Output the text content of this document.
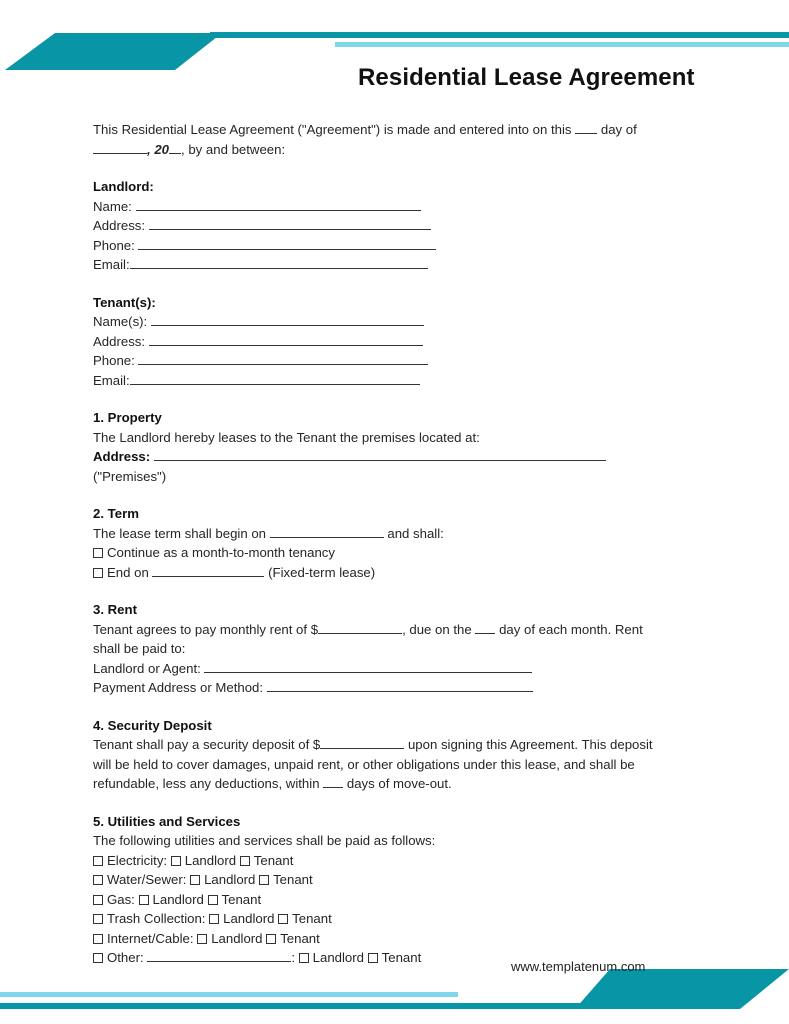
Residential Lease Agreement

This Residential Lease Agreement ("Agreement") is made and entered into on this day of

, 20 , by and between:

Landlord:

Name:

Address:

Phone:

Email:

Tenant(s):

Name(s):

Address:

Phone:

Email:

1. Property

The Landlord hereby leases to the Tenant the premises located at:

Address:

("Premises")

2. Term

The lease term shall begin on	and shall:

Continue as a month-to-month tenancy

End on	(Fixed-term lease)

3. Rent

Tenant agrees to pay monthly rent of $	, due on the day of each month. Rent

shall be paid to:

Landlord or Agent:

Payment Address or Method:

4. Security Deposit

Tenant shall pay a security deposit of $	upon signing this Agreement. This deposit

will be held to cover damages, unpaid rent, or other obligations under this lease, and shall be

refundable, less any deductions, within days of move-out.

5. Utilities and Services

The following utilities and services shall be paid as follows:

Electricity: Landlord Tenant

Water/Sewer: Landlord Tenant

Gas: Landlord Tenant

Trash Collection: Landlord Tenant

Internet/Cable: Landlord Tenant

Other:	: Landlord Tenant

www.templatenum.com
